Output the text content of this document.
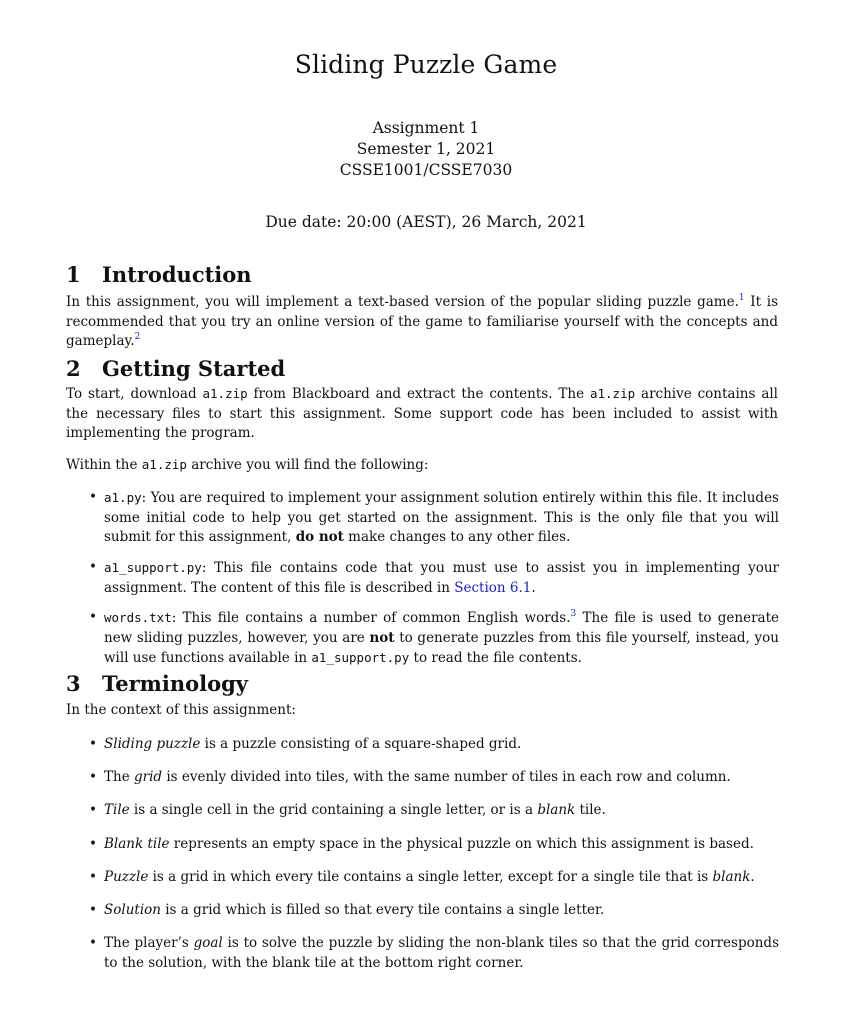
Sliding Puzzle Game
Assignment 1
Semester 1, 2021
CSSE1001/CSSE7030
Due date: 20:00 (AEST), 26 March, 2021
1 Introduction
In this assignment, you will implement a text-based version of the popular sliding puzzle game.$^1$ It is recommended that you try an online version of the game to familiarise yourself with the concepts and gameplay.$^2$
2 Getting Started
To start, download a1.zip from Blackboard and extract the contents. The a1.zip archive contains all the necessary files to start this assignment. Some support code has been included to assist with implementing the program.
Within the a1.zip archive you will find the following:
• a1.py: You are required to implement your assignment solution entirely within this file. It includes some initial code to help you get started on the assignment. This is the only file that you will submit for this assignment, do not make changes to any other files.
• a1_support.py: This file contains code that you must use to assist you in implementing your assignment. The content of this file is described in Section 6.1.
• words.txt: This file contains a number of common English words.$^3$ The file is used to generate new sliding puzzles, however, you are not to generate puzzles from this file yourself, instead, you will use functions available in a1_support.py to read the file contents.
3 Terminology
In the context of this assignment:
• Sliding puzzle is a puzzle consisting of a square-shaped grid.
• The grid is evenly divided into tiles, with the same number of tiles in each row and column.
• Tile is a single cell in the grid containing a single letter, or is a blank tile.
• Blank tile represents an empty space in the physical puzzle on which this assignment is based.
• Puzzle is a grid in which every tile contains a single letter, except for a single tile that is blank.
• Solution is a grid which is filled so that every tile contains a single letter.
• The player’s goal is to solve the puzzle by sliding the non-blank tiles so that the grid corresponds to the solution, with the blank tile at the bottom right corner.
